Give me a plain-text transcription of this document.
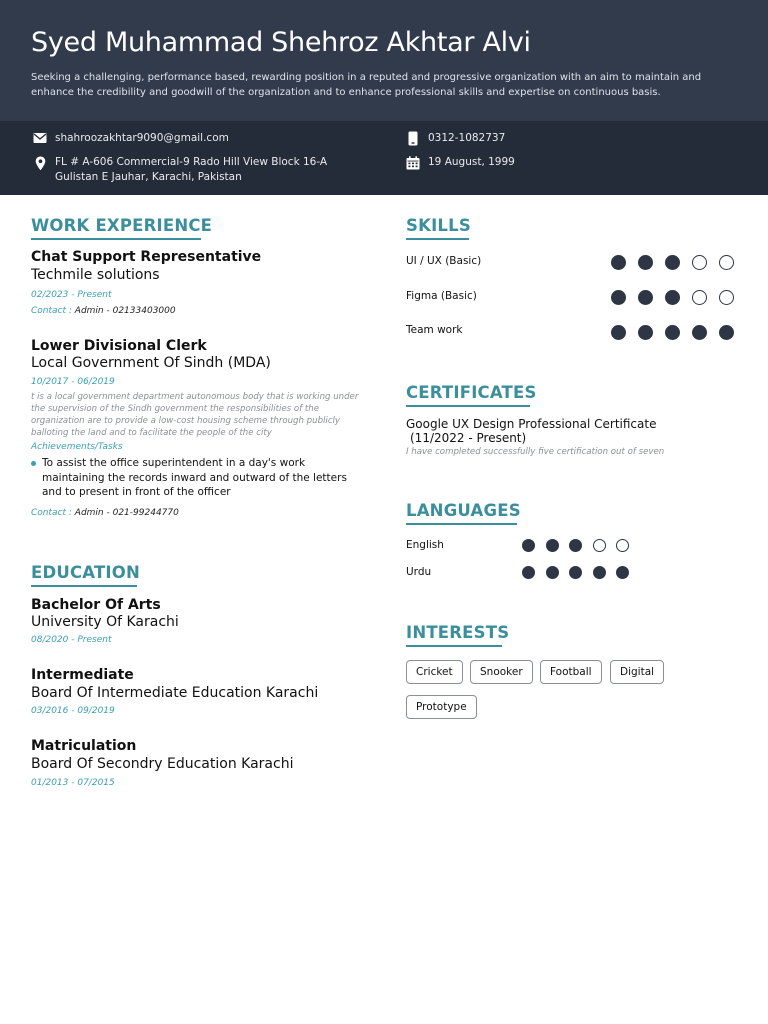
Syed Muhammad Shehroz Akhtar Alvi
Seeking a challenging, performance based, rewarding position in a reputed and progressive organization with an aim to maintain and enhance the credibility and goodwill of the organization and to enhance professional skills and expertise on continuous basis.
shahroozakhtar9090@gmail.com	0312-1082737
FL # A-606 Commercial-9 Rado Hill View Block 16-A
Gulistan E Jauhar, Karachi, Pakistan
19 August, 1999
WORK EXPERIENCE
Chat Support Representative
Techmile solutions
02/2023 - Present
Contact : Admin - 02133403000
Lower Divisional Clerk
Local Government Of Sindh (MDA)
10/2017 - 06/2019
t is a local government department autonomous body that is working under the supervision of the Sindh government the responsibilities of the organization are to provide a low-cost housing scheme through publicly balloting the land and to facilitate the people of the city
Achievements/Tasks
To assist the office superintendent in a day's work maintaining the records inward and outward of the letters and to present in front of the officer
Contact : Admin - 021-99244770
EDUCATION
Bachelor Of Arts
University Of Karachi
08/2020 - Present
Intermediate
Board Of Intermediate Education Karachi
03/2016 - 09/2019
Matriculation
Board Of Secondry Education Karachi
01/2013 - 07/2015
SKILLS
UI / UX (Basic)
Figma (Basic)
Team work
CERTIFICATES
Google UX Design Professional Certificate
(11/2022 - Present)
I have completed successfully five certification out of seven
LANGUAGES
English
Urdu
INTERESTS
Cricket	Snooker	Football	Digital
Prototype
